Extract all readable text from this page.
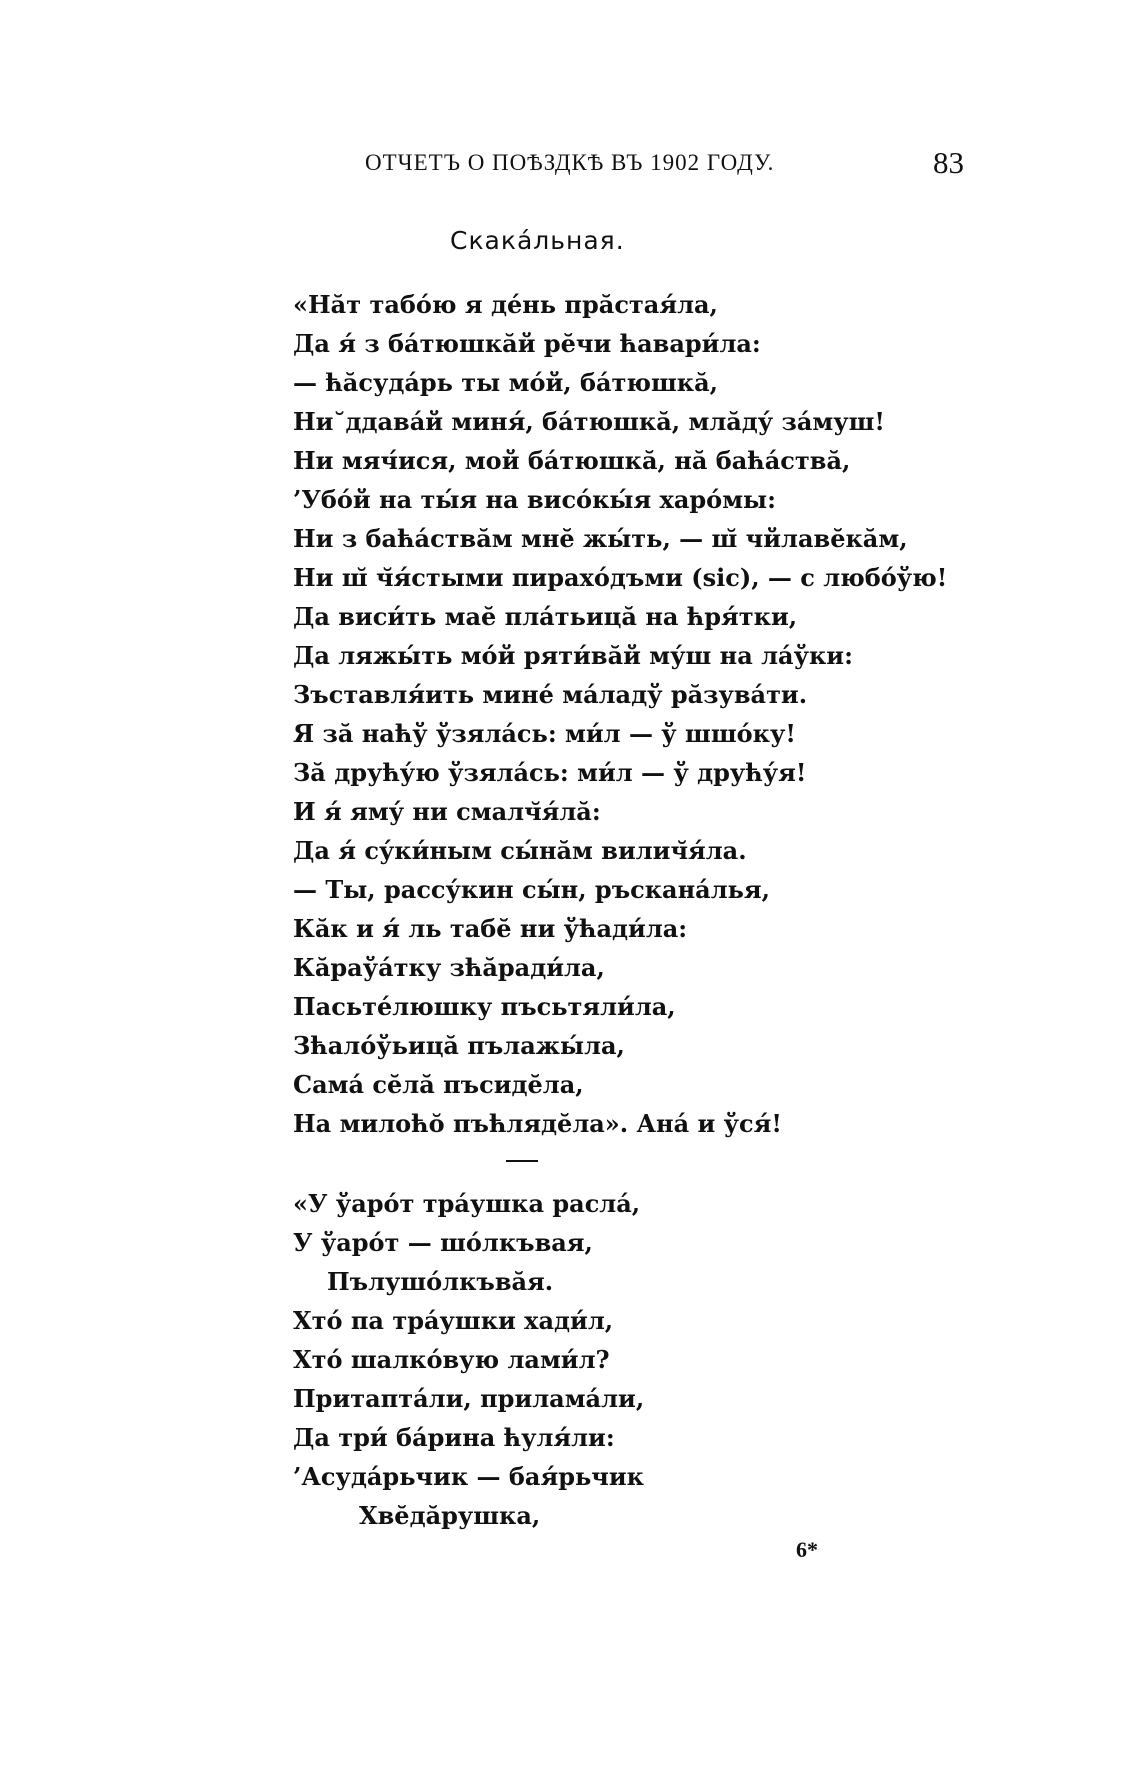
ОТЧЕТЪ О ПОѢЗДКѢ ВЪ 1902 ГОДУ.	83
Скака́льная.
«Нӑт табо́ю я де́нь прӑстая́ла,
Да я́ з ба́тюшкӑй рӗчи ћавари́ла:
— ћӑсуда́рь ты мо́й, ба́тюшкӑ,
Ни˘ддава́й миня́, ба́тюшкӑ, млӑду́ за́муш!
Ни мяч́ися, мой ба́тюшкӑ, нӑ баћа́ствӑ,
’Убо́й на ты́я на висо́кы́я харо́мы:
Ни з баћа́ствӑм мнӗ жы́ть, — ш̆ чйлавӗкӑм,
Ни ш̆ ч̆я́стыми пирахо́дъми (sic), — с любо́ўю!
Да виси́ть маӗ пла́тьицӑ на ћря́тки,
Да ляжы́ть мо́й ряти́вӑй му́ш на ла́ўки:
Зъставля́ить мине́ ма́ладў рӑзува́ти.
Я зӑ наћў ўзяла́сь: ми́л — ў шшо́ку!
Зӑ друћу́ю ўзяла́сь: ми́л — ў друћу́я!
И я́ яму́ ни смалч̆я́лӑ:
Да я́ су́ки́ным сы́нӑм вилич̆я́ла.
— Ты, рассу́кин сы́н, ръскана́лья,
Кӑк и я́ ль табӗ ни ўћади́ла:
Кӑраўа́тку зћӑради́ла,
Пасьте́люшку пъсьтяли́ла,
Зћало́ўьицӑ пълажы́ла,
Сама́ сӗлӑ пъсидӗла,
На милоћо̆ пъћлядӗла». Ана́ и ўся́!
«У ўаро́т тра́ушка расла́,
У ўаро́т — шо́лкъвая,
Пълушо́лкъвӑя.
Хто́ па тра́ушки хади́л,
Хто́ шалко́вую лами́л?
Притапта́ли, прилама́ли,
Да три́ ба́рина ћуля́ли:
’Асуда́рьчик — бая́рьчик
Хвӗдӑрушка,
6*
